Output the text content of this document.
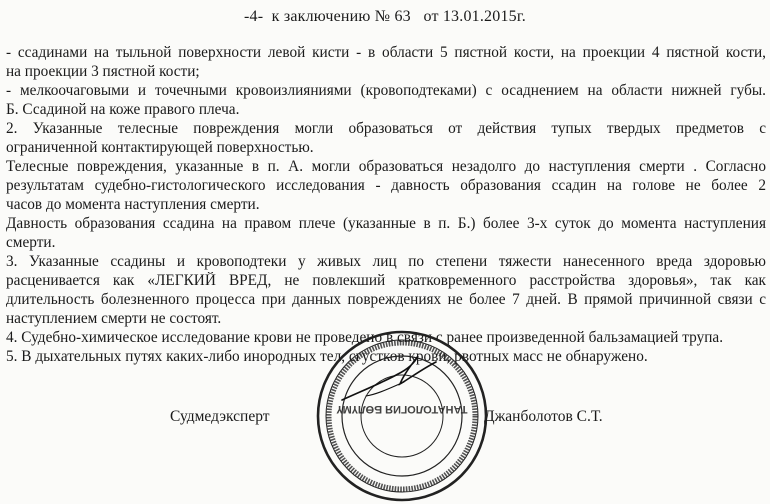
-4- к заключению № 63 от 13.01.2015г.
- ссадинами на тыльной поверхности левой кисти - в области 5 пястной кости, на проекции 4 пястной кости,
на проекции 3 пястной кости;
- мелкоочаговыми и точечными кровоизлияниями (кровоподтеками) с осаднением на области нижней губы.
Б. Ссадиной на коже правого плеча.
2. Указанные телесные повреждения могли образоваться от действия тупых твердых предметов с
ограниченной контактирующей поверхностью.
Телесные повреждения, указанные в п. А. могли образоваться незадолго до наступления смерти . Согласно
результатам судебно-гистологического исследования - давность образования ссадин на голове не более 2
часов до момента наступления смерти.
Давность образования ссадина на правом плече (указанные в п. Б.) более 3-х суток до момента наступления
смерти.
3. Указанные ссадины и кровоподтеки у живых лиц по степени тяжести нанесенного вреда здоровью
расценивается как «ЛЕГКИЙ ВРЕД, не повлекший кратковременного расстройства здоровья», так как
длительность болезненного процесса при данных повреждениях не более 7 дней. В прямой причинной связи с
наступлением смерти не состоят.
4. Судебно-химическое исследование крови не проведено в связи с ранее произведенной бальзамацией трупа.
5. В дыхательных путях каких-либо инородных тел, сгустков крови, рвотных масс не обнаружено.
ТАНАТОЛОГИЯ БӨЛҮМҮ
Судмедэксперт	Джанболотов С.Т.
